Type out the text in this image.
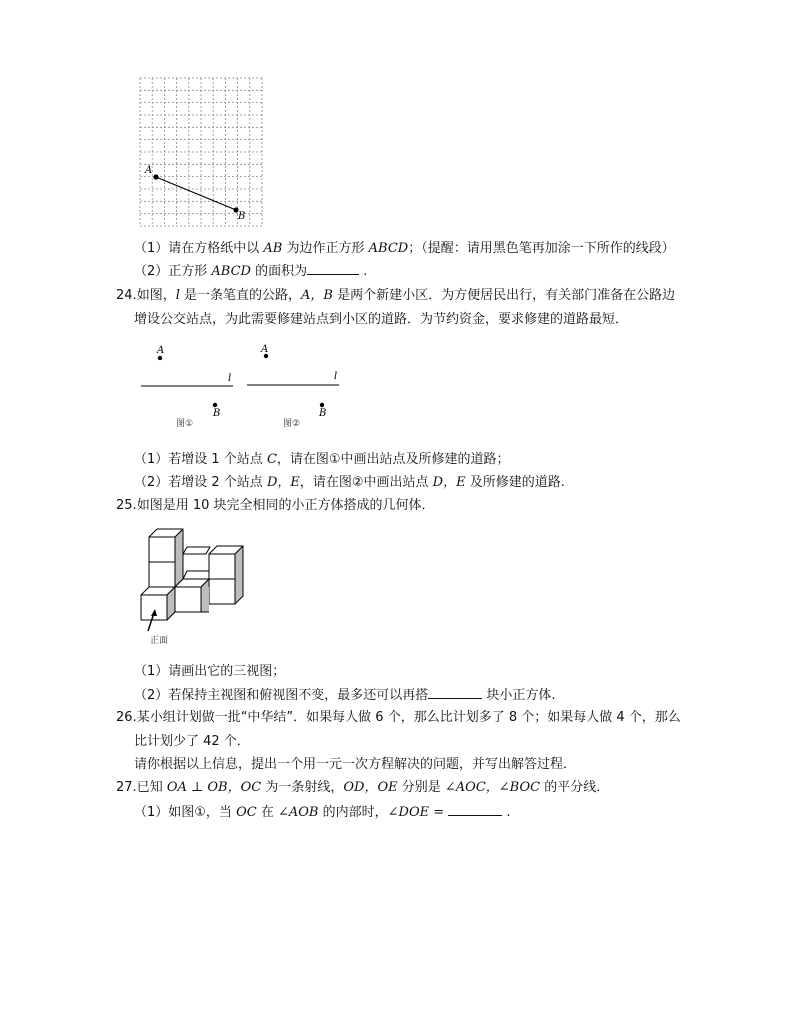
A
B
（1）请在方格纸中以 AB 为边作正方形 ABCD；（提醒：请用黑色笔再加涂一下所作的线段）
（2）正方形 ABCD 的面积为	.
24.如图，l 是一条笔直的公路，A，B 是两个新建小区．为方便居民出行，有关部门准备在公路边
增设公交站点，为此需要修建站点到小区的道路．为节约资金，要求修建的道路最短．
A
l
B
图①
A
l
B
图②
（1）若增设 1 个站点 C，请在图①中画出站点及所修建的道路；
（2）若增设 2 个站点 D，E，请在图②中画出站点 D，E 及所修建的道路.
25.如图是用 10 块完全相同的小正方体搭成的几何体．
正面
（1）请画出它的三视图；
（2）若保持主视图和俯视图不变，最多还可以再搭	块小正方体.
26.某小组计划做一批“中华结”．如果每人做 6 个，那么比计划多了 8 个；如果每人做 4 个，那么
比计划少了 42 个．
请你根据以上信息，提出一个用一元一次方程解决的问题，并写出解答过程．
27.已知 OA ⊥ OB，OC 为一条射线，OD，OE 分别是 ∠AOC，∠BOC 的平分线．
（1）如图①，当 OC 在 ∠AOB 的内部时，∠DOE =	.
